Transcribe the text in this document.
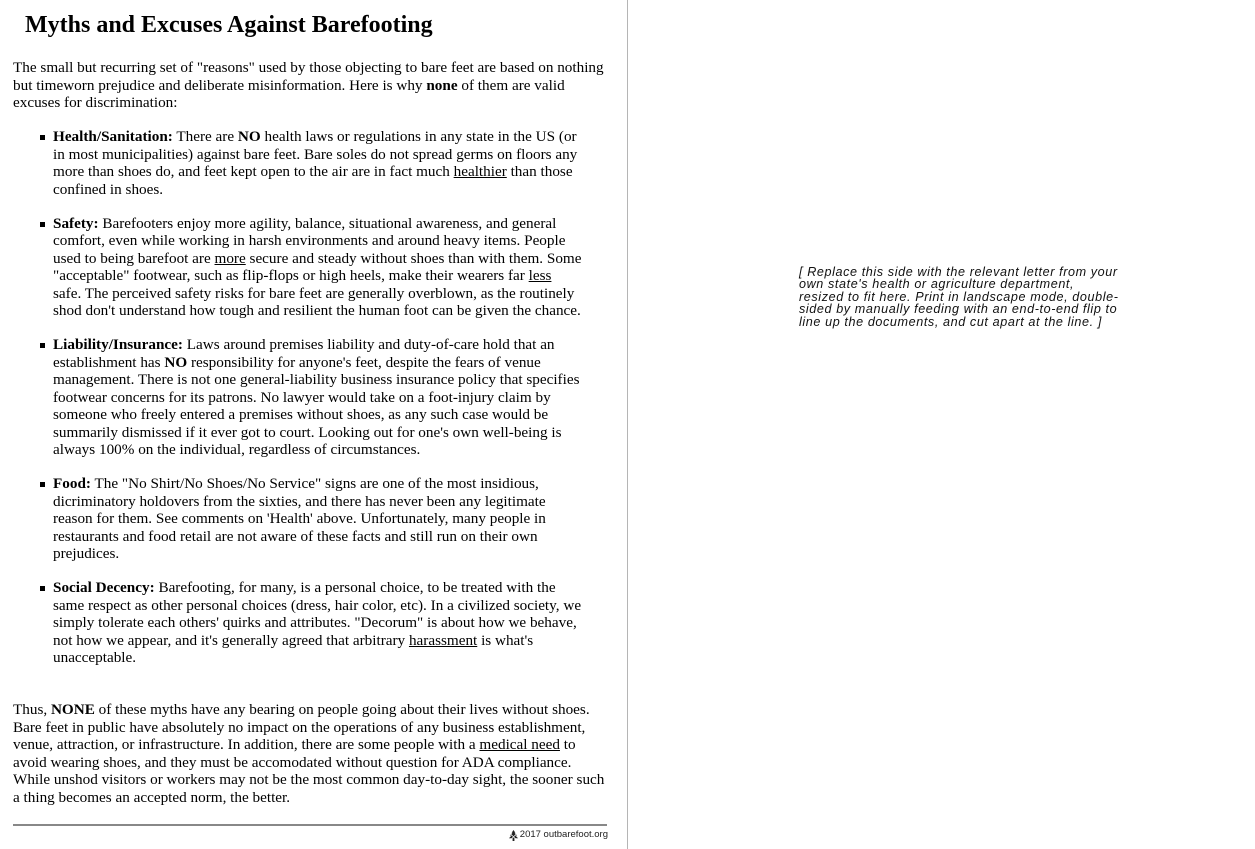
Myths and Excuses Against Barefooting

The small but recurring set of "reasons" used by those objecting to bare feet are based on nothing but timeworn prejudice and deliberate misinformation. Here is why none of them are valid excuses for discrimination:

Health/Sanitation: There are NO health laws or regulations in any state in the US (or in most municipalities) against bare feet. Bare soles do not spread germs on floors any more than shoes do, and feet kept open to the air are in fact much healthier than those confined in shoes.

Safety: Barefooters enjoy more agility, balance, situational awareness, and general comfort, even while working in harsh environments and around heavy items. People used to being barefoot are more secure and steady without shoes than with them. Some "acceptable" footwear, such as flip-flops or high heels, make their wearers far less safe. The perceived safety risks for bare feet are generally overblown, as the routinely shod don't understand how tough and resilient the human foot can be given the chance.

Liability/Insurance: Laws around premises liability and duty-of-care hold that an establishment has NO responsibility for anyone's feet, despite the fears of venue management. There is not one general-liability business insurance policy that specifies footwear concerns for its patrons. No lawyer would take on a foot-injury claim by someone who freely entered a premises without shoes, as any such case would be summarily dismissed if it ever got to court. Looking out for one's own well-being is always 100% on the individual, regardless of circumstances.

Food: The "No Shirt/No Shoes/No Service" signs are one of the most insidious, dicriminatory holdovers from the sixties, and there has never been any legitimate reason for them. See comments on 'Health' above. Unfortunately, many people in restaurants and food retail are not aware of these facts and still run on their own prejudices.

Social Decency: Barefooting, for many, is a personal choice, to be treated with the same respect as other personal choices (dress, hair color, etc). In a civilized society, we simply tolerate each others' quirks and attributes. "Decorum" is about how we behave, not how we appear, and it's generally agreed that arbitrary harassment is what's unacceptable.

Thus, NONE of these myths have any bearing on people going about their lives without shoes. Bare feet in public have absolutely no impact on the operations of any business establishment, venue, attraction, or infrastructure. In addition, there are some people with a medical need to avoid wearing shoes, and they must be accomodated without question for ADA compliance. While unshod visitors or workers may not be the most common day-to-day sight, the sooner such a thing becomes an accepted norm, the better.

2017 outbarefoot.org

[ Replace this side with the relevant letter from your own state's health or agriculture department, resized to fit here. Print in landscape mode, double-sided by manually feeding with an end-to-end flip to line up the documents, and cut apart at the line. ]
